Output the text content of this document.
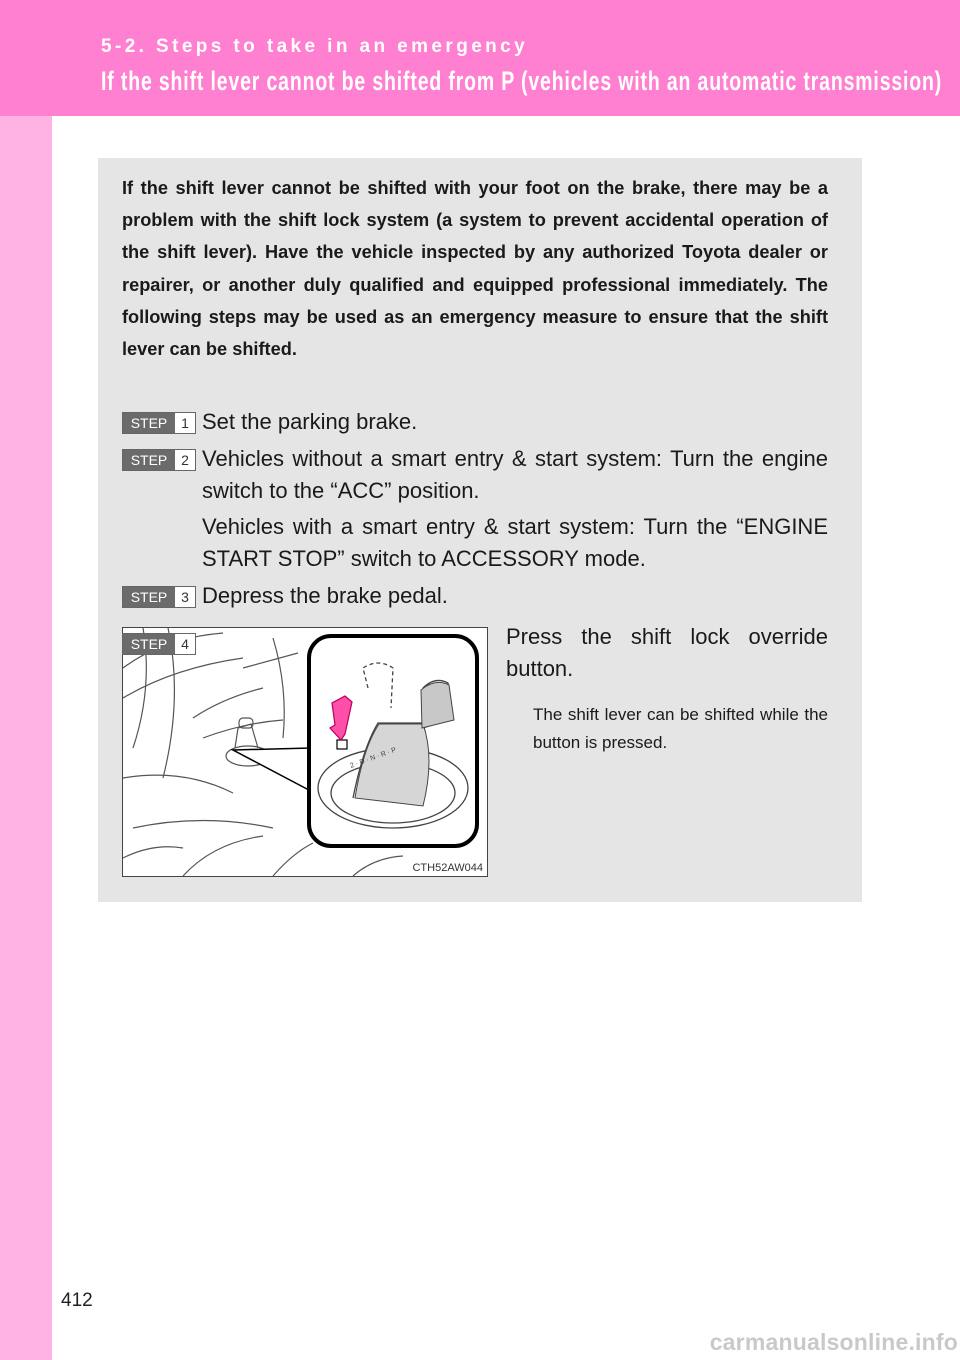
5-2. Steps to take in an emergency
If the shift lever cannot be shifted from P (vehicles with an automatic transmission)
If the shift lever cannot be shifted with your foot on the brake, there may be a problem with the shift lock system (a system to prevent accidental operation of the shift lever). Have the vehicle inspected by any authorized Toyota dealer or repairer, or another duly qualified and equipped professional immediately. The following steps may be used as an emergency measure to ensure that the shift lever can be shifted.
STEP 1 Set the parking brake.
STEP 2 Vehicles without a smart entry & start system: Turn the engine switch to the “ACC” position.
Vehicles with a smart entry & start system: Turn the “ENGINE START STOP” switch to ACCESSORY mode.
STEP 3 Depress the brake pedal.
2 · D · N · R · P
CTH52AW044
STEP 4	Press the shift lock override button.
The shift lever can be shifted while the button is pressed.
412
carmanualsonline.info
